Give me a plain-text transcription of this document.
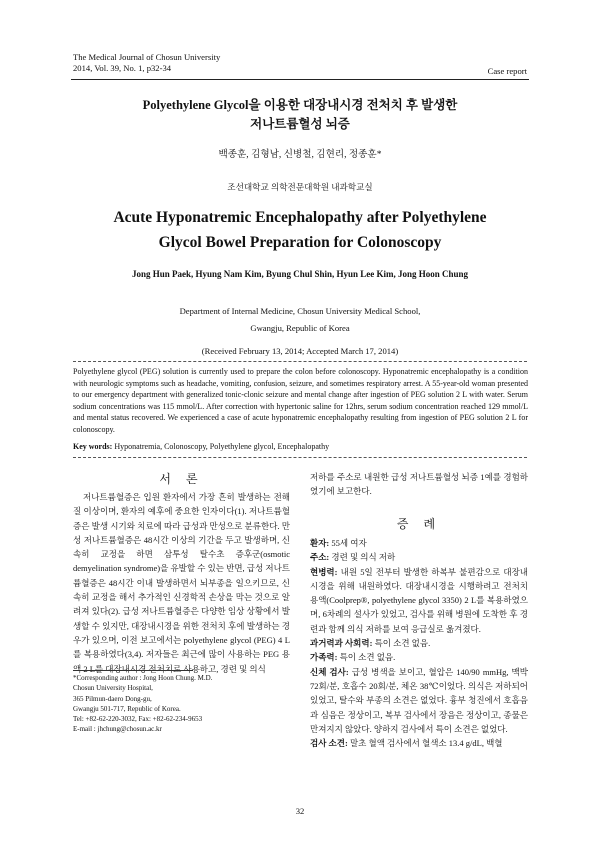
The Medical Journal of Chosun University
2014, Vol. 39, No. 1, p32-34	Case report
Polyethylene Glycol을 이용한 대장내시경 전처치 후 발생한
저나트륨혈성 뇌증
백종훈, 김형남, 신병철, 김현리, 정종훈*
조선대학교 의학전문대학원 내과학교실
Acute Hyponatremic Encephalopathy after Polyethylene
Glycol Bowel Preparation for Colonoscopy
Jong Hun Paek, Hyung Nam Kim, Byung Chul Shin, Hyun Lee Kim, Jong Hoon Chung
Department of Internal Medicine, Chosun University Medical School,
Gwangju, Republic of Korea
(Received February 13, 2014; Accepted March 17, 2014)
Polyethylene glycol (PEG) solution is currently used to prepare the colon before colonoscopy. Hyponatremic encephalopathy is a condition with neurologic symptoms such as headache, vomiting, confusion, seizure, and sometimes respiratory arrest. A 55-year-old woman presented to our emergency department with generalized tonic-clonic seizure and mental change after ingestion of PEG solution 2 L with water. Serum sodium concentrations was 115 mmol/L. After correction with hypertonic saline for 12hrs, serum sodium concentration reached 129 mmol/L and mental status recovered. We experienced a case of acute hyponatremic encephalopathy resulting from ingestion of PEG solution 2 L for colonoscopy.
Key words: Hyponatremia, Colonoscopy, Polyethylene glycol, Encephalopathy
서 론
저나트륨혈증은 입원 환자에서 가장 흔히 발생하는 전해질 이상이며, 환자의 예후에 중요한 인자이다(1). 저나트륨혈증은 발생 시기와 치료에 따라 급성과 만성으로 분류한다. 만성 저나트륨혈증은 48시간 이상의 기간을 두고 발생하며, 신속히 교정을 하면 삼투성 탈수초 증후군(osmotic demyelination syndrome)을 유발할 수 있는 반면, 급성 저나트륨혈증은 48시간 이내 발생하면서 뇌부종을 일으키므로, 신속히 교정을 해서 추가적인 신경학적 손상을 막는 것으로 알려져 있다(2). 급성 저나트륨혈증은 다양한 임상 상황에서 발생할 수 있지만, 대장내시경을 위한 전처치 후에 발생하는 경우가 있으며, 이전 보고에서는 polyethylene glycol (PEG) 4 L를 복용하였다(3,4). 저자들은 최근에 많이 사용하는 PEG 용액 2 L를 대장내시경 전처치로 사용하고, 경련 및 의식
*Corresponding author : Jong Hoon Chung. M.D.
Chosun University Hospital,
365 Pilmun-daero Dong-gu,
Gwangju 501-717, Republic of Korea.
Tel: +82-62-220-3032, Fax: +82-62-234-9653
E-mail : jhchung@chosun.ac.kr
저하를 주소로 내원한 급성 저나트륨혈성 뇌증 1예를 경험하였기에 보고한다.
증 례

환자: 55세 여자

주소: 경련 및 의식 저하

현병력: 내원 5일 전부터 발생한 하복부 불편감으로 대장내시경을 위해 내원하였다. 대장내시경을 시행하려고 전처치 용액(Coolprep®, polyethylene glycol 3350) 2 L를 복용하였으며, 6차례의 설사가 있었고, 검사를 위해 병원에 도착한 후 경련과 함께 의식 저하를 보여 응급실로 옮겨졌다.

과거력과 사회력: 특이 소견 없음.

가족력: 특이 소견 없음.

신체 검사: 급성 병색을 보이고, 혈압은 140/90 mmHg, 맥박 72회/분, 호흡수 20회/분, 체온 38℃이었다. 의식은 저하되어 있었고, 탈수와 부종의 소견은 없었다. 흉부 청진에서 호흡음과 심음은 정상이고, 복부 검사에서 장음은 정상이고, 종물은 만져지지 않았다. 양하지 검사에서 특이 소견은 없었다.

검사 소견: 말초 혈액 검사에서 혈색소 13.4 g/dL, 백혈

32
